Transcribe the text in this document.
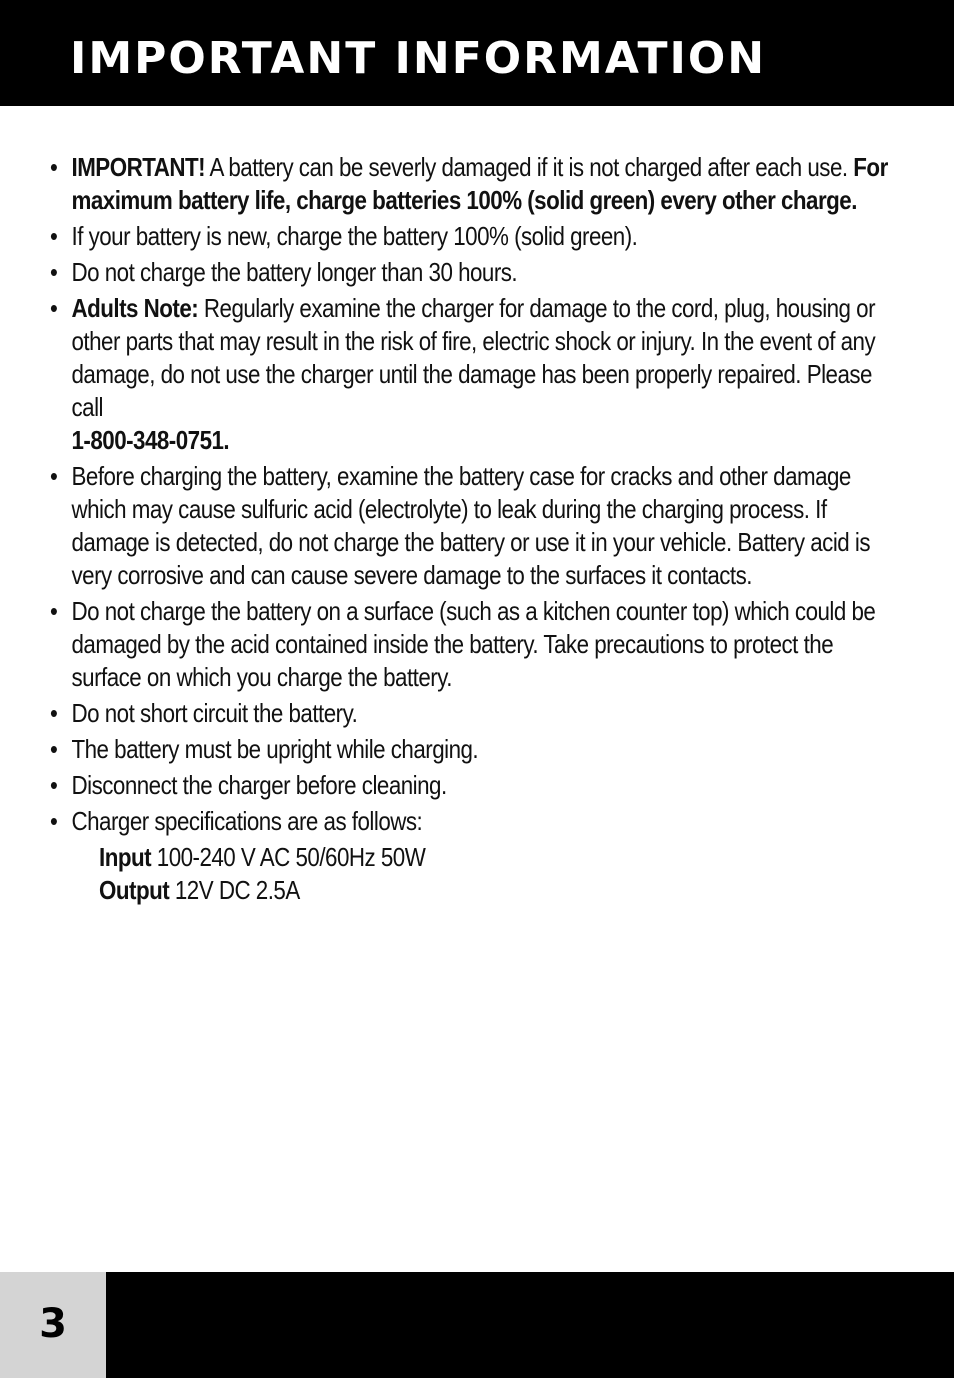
IMPORTANT INFORMATION
• IMPORTANT! A battery can be severly damaged if it is not charged after each use. For maximum battery life, charge batteries 100% (solid green) every other charge.
• If your battery is new, charge the battery 100% (solid green).
• Do not charge the battery longer than 30 hours.
• Adults Note: Regularly examine the charger for damage to the cord, plug, housing or other parts that may result in the risk of fire, electric shock or injury. In the event of any damage, do not use the charger until the damage has been properly repaired. Please call
1-800-348-0751.
• Before charging the battery, examine the battery case for cracks and other damage which may cause sulfuric acid (electrolyte) to leak during the charging process. If damage is detected, do not charge the battery or use it in your vehicle. Battery acid is very corrosive and can cause severe damage to the surfaces it contacts.
• Do not charge the battery on a surface (such as a kitchen counter top) which could be damaged by the acid contained inside the battery. Take precautions to protect the surface on which you charge the battery.
• Do not short circuit the battery.
• The battery must be upright while charging.
• Disconnect the charger before cleaning.
• Charger specifications are as follows:
Input 100-240 V AC 50/60Hz 50W
Output 12V DC 2.5A
3
